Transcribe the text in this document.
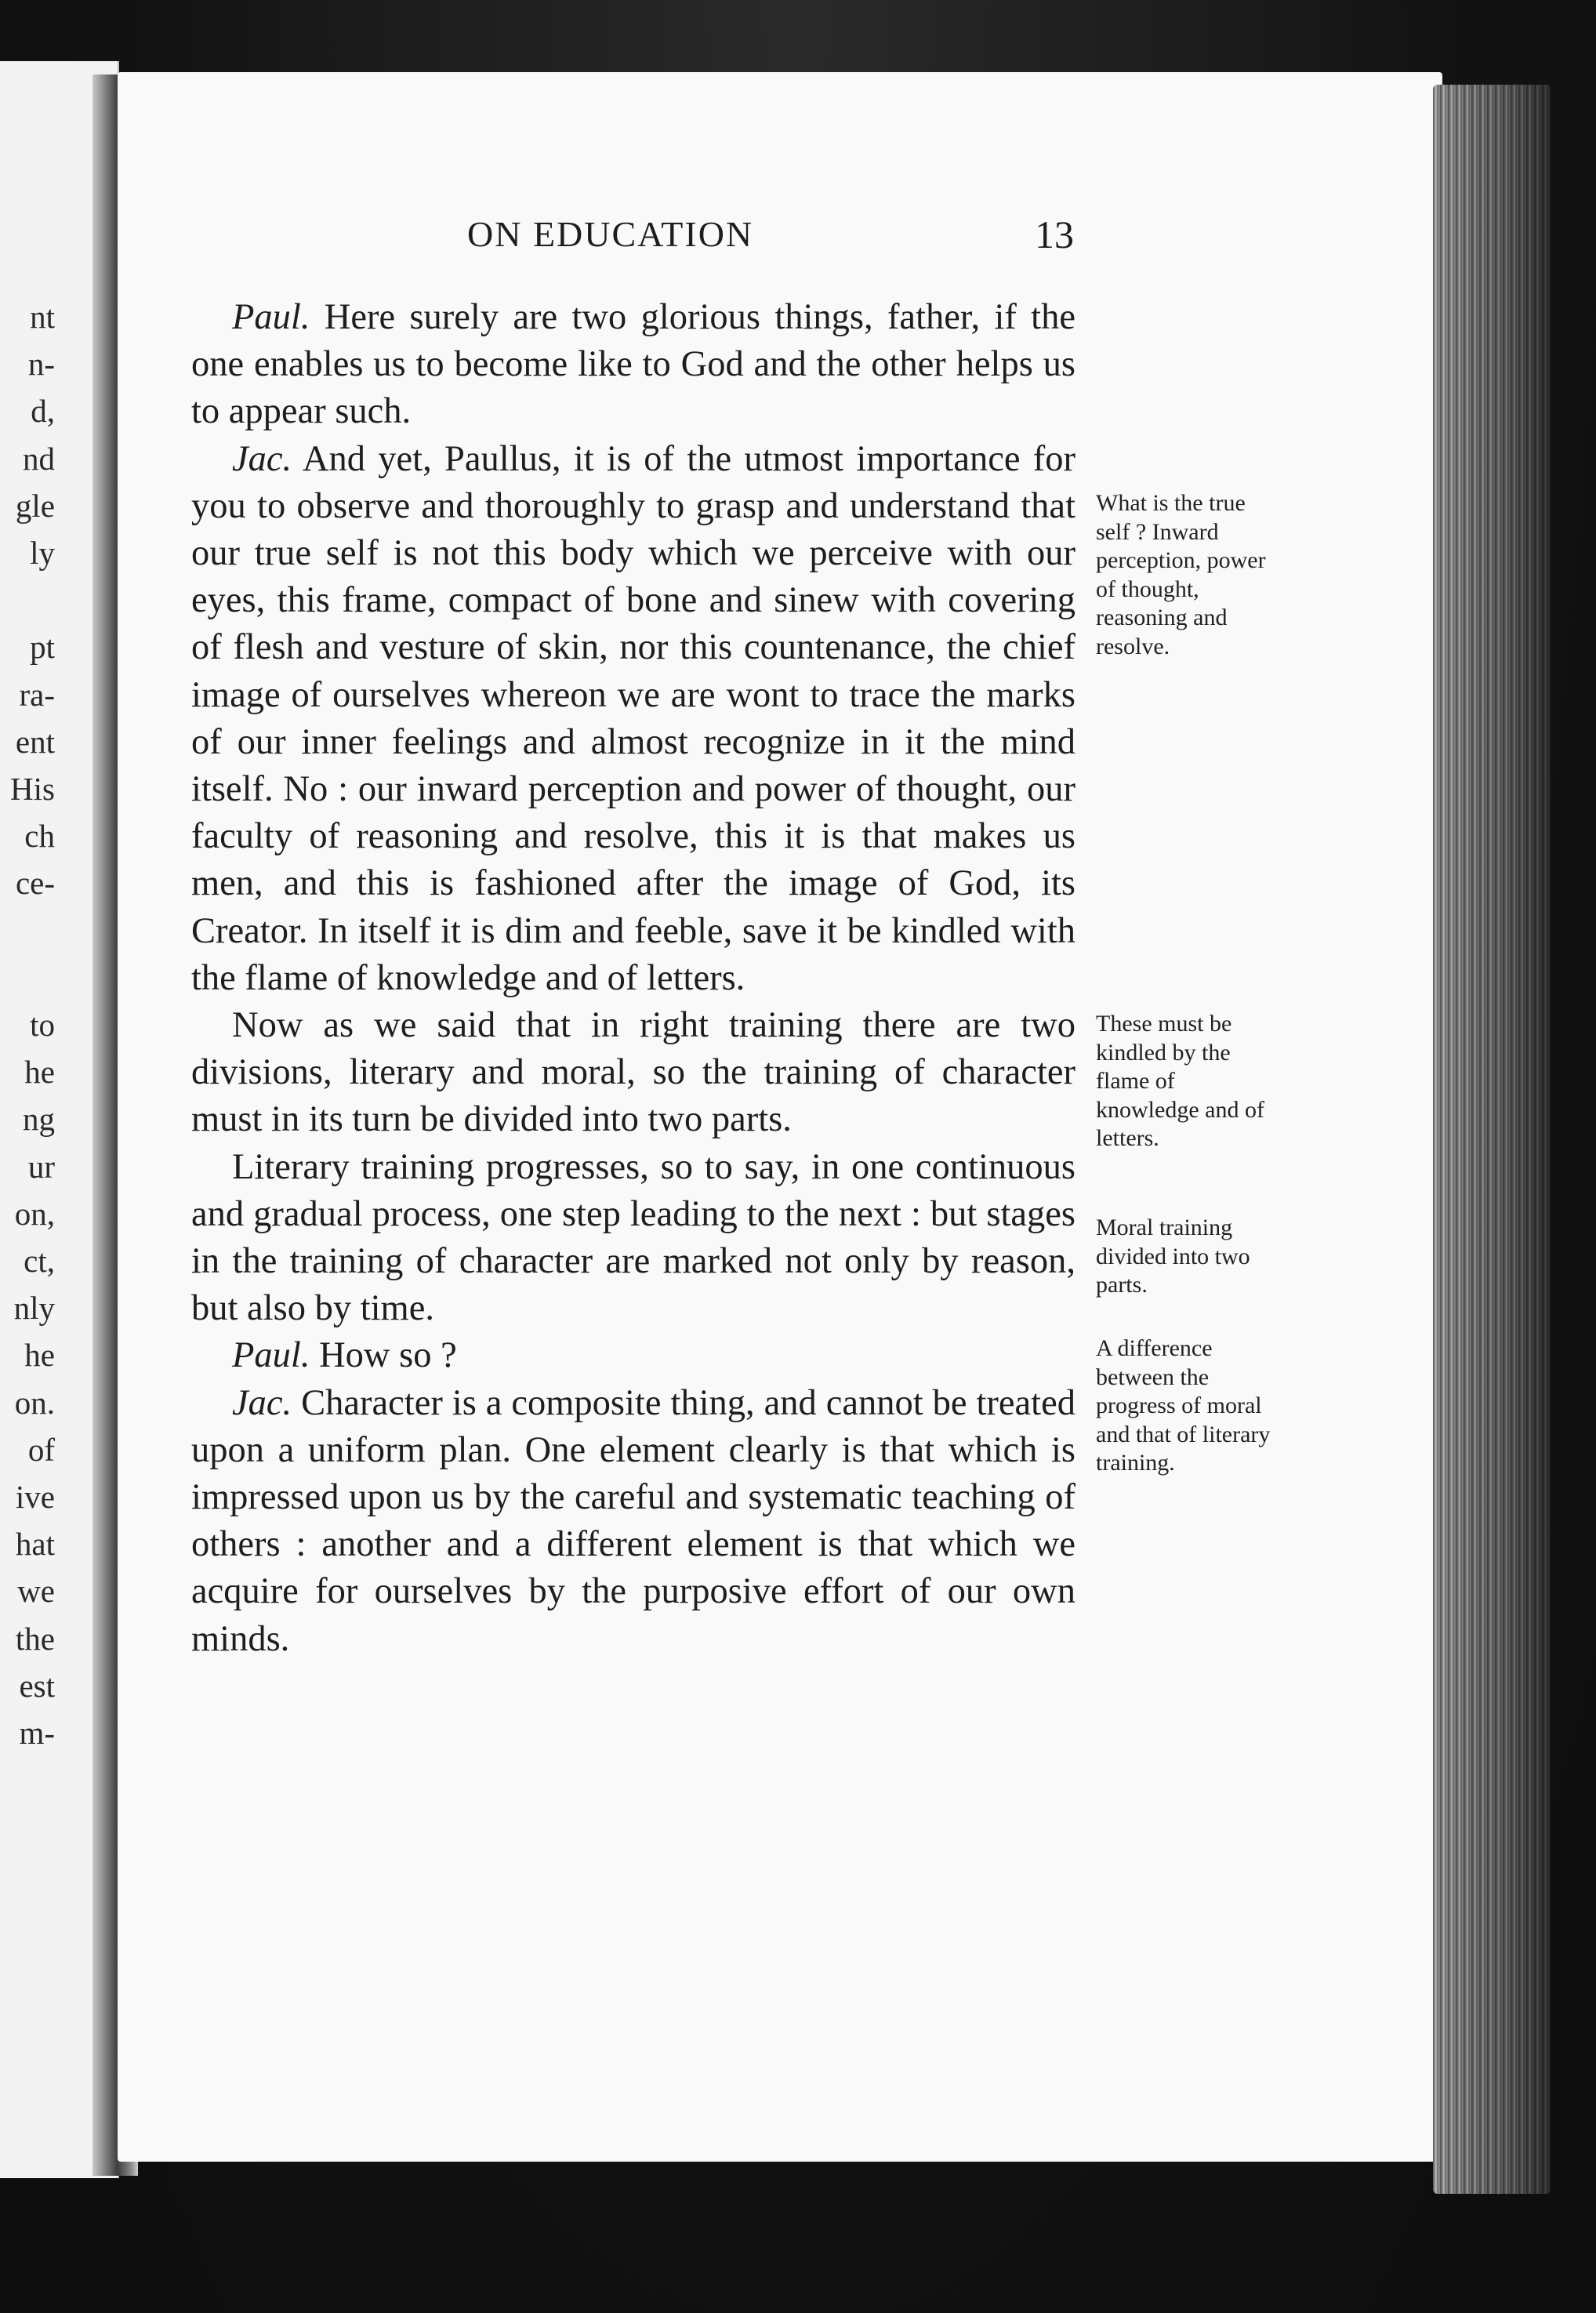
nt
n-
d,
nd
gle
ly
pt
ra-
ent
His
ch
ce-
to
he
ng
ur
on,
ct,
nly
he
on.
of
ive
hat
we
the
est
m-
ON EDUCATION	13

Paul. Here surely are two glorious things, father, if the one enables us to become like to God and the other helps us to appear such.

Jac. And yet, Paullus, it is of the utmost importance for you to observe and thoroughly to grasp and understand that our true self is not this body which we perceive with our eyes, this frame, compact of bone and sinew with covering of flesh and vesture of skin, nor this countenance, the chief image of ourselves whereon we are wont to trace the marks of our inner feelings and almost recognize in it the mind itself. No : our inward perception and power of thought, our faculty of reasoning and resolve, this it is that makes us men, and this is fashioned after the image of God, its Creator. In itself it is dim and feeble, save it be kindled with the flame of knowledge and of letters.

Now as we said that in right training there are two divisions, literary and moral, so the training of character must in its turn be divided into two parts.

Literary training progresses, so to say, in one continuous and gradual process, one step leading to the next : but stages in the training of character are marked not only by reason, but also by time.

Paul. How so ?

Jac. Character is a composite thing, and cannot be treated upon a uniform plan. One element clearly is that which is impressed upon us by the careful and systematic teaching of others : another and a different element is that which we acquire for ourselves by the purposive effort of our own minds.

What is the true self ? Inward perception, power of thought, reasoning and resolve.
These must be kindled by the flame of knowledge and of letters.
Moral training divided into two parts.
A difference between the progress of moral and that of literary training.
